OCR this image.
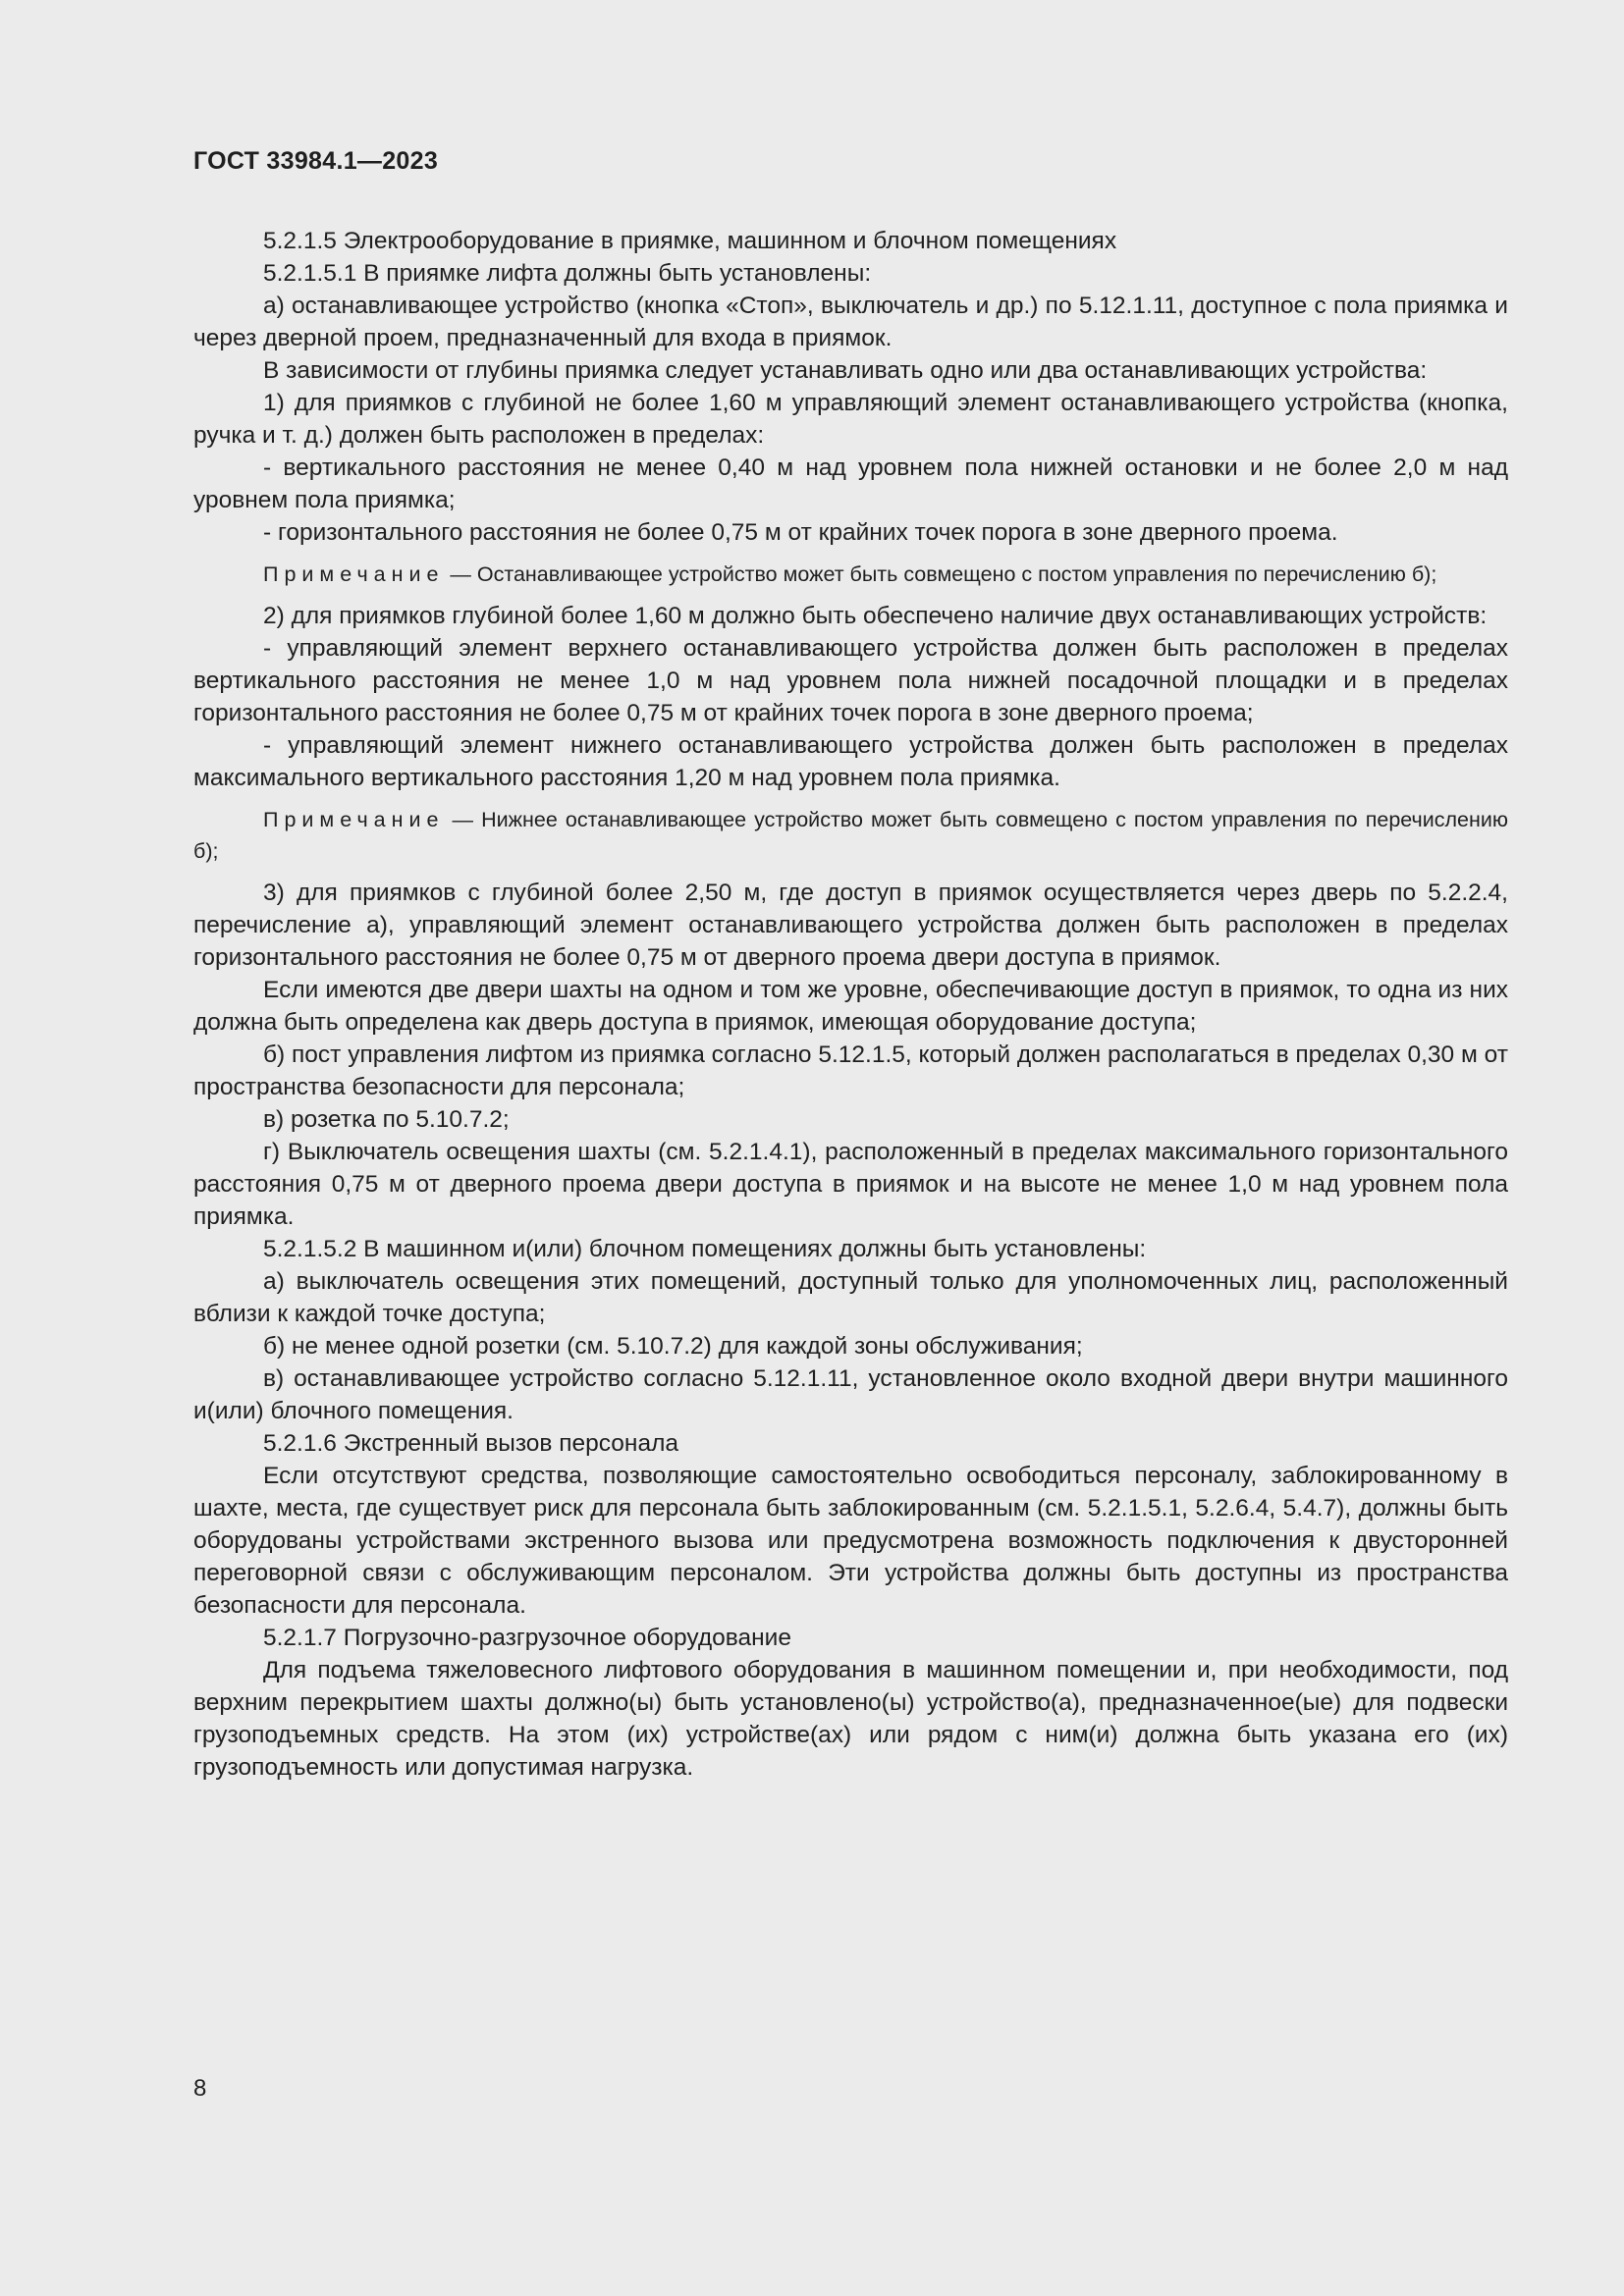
ГОСТ 33984.1—2023

5.2.1.5 Электрооборудование в приямке, машинном и блочном помещениях

5.2.1.5.1 В приямке лифта должны быть установлены:

а) останавливающее устройство (кнопка «Стоп», выключатель и др.) по 5.12.1.11, доступное с пола приямка и через дверной проем, предназначенный для входа в приямок.

В зависимости от глубины приямка следует устанавливать одно или два останавливающих устройства:

1) для приямков с глубиной не более 1,60 м управляющий элемент останавливающего устройства (кнопка, ручка и т. д.) должен быть расположен в пределах:

- вертикального расстояния не менее 0,40 м над уровнем пола нижней остановки и не более 2,0 м над уровнем пола приямка;

- горизонтального расстояния не более 0,75 м от крайних точек порога в зоне дверного проема.

Примечание — Останавливающее устройство может быть совмещено с постом управления по перечислению б);

2) для приямков глубиной более 1,60 м должно быть обеспечено наличие двух останавливающих устройств:

- управляющий элемент верхнего останавливающего устройства должен быть расположен в пределах вертикального расстояния не менее 1,0 м над уровнем пола нижней посадочной площадки и в пределах горизонтального расстояния не более 0,75 м от крайних точек порога в зоне дверного проема;

- управляющий элемент нижнего останавливающего устройства должен быть расположен в пределах максимального вертикального расстояния 1,20 м над уровнем пола приямка.

Примечание — Нижнее останавливающее устройство может быть совмещено с постом управления по перечислению б);

3) для приямков с глубиной более 2,50 м, где доступ в приямок осуществляется через дверь по 5.2.2.4, перечисление а), управляющий элемент останавливающего устройства должен быть расположен в пределах горизонтального расстояния не более 0,75 м от дверного проема двери доступа в приямок.

Если имеются две двери шахты на одном и том же уровне, обеспечивающие доступ в приямок, то одна из них должна быть определена как дверь доступа в приямок, имеющая оборудование доступа;

б) пост управления лифтом из приямка согласно 5.12.1.5, который должен располагаться в пределах 0,30 м от пространства безопасности для персонала;

в) розетка по 5.10.7.2;

г) Выключатель освещения шахты (см. 5.2.1.4.1), расположенный в пределах максимального горизонтального расстояния 0,75 м от дверного проема двери доступа в приямок и на высоте не менее 1,0 м над уровнем пола приямка.

5.2.1.5.2 В машинном и(или) блочном помещениях должны быть установлены:

а) выключатель освещения этих помещений, доступный только для уполномоченных лиц, расположенный вблизи к каждой точке доступа;

б) не менее одной розетки (см. 5.10.7.2) для каждой зоны обслуживания;

в) останавливающее устройство согласно 5.12.1.11, установленное около входной двери внутри машинного и(или) блочного помещения.

5.2.1.6 Экстренный вызов персонала

Если отсутствуют средства, позволяющие самостоятельно освободиться персоналу, заблокированному в шахте, места, где существует риск для персонала быть заблокированным (см. 5.2.1.5.1, 5.2.6.4, 5.4.7), должны быть оборудованы устройствами экстренного вызова или предусмотрена возможность подключения к двусторонней переговорной связи с обслуживающим персоналом. Эти устройства должны быть доступны из пространства безопасности для персонала.

5.2.1.7 Погрузочно-разгрузочное оборудование

Для подъема тяжеловесного лифтового оборудования в машинном помещении и, при необходимости, под верхним перекрытием шахты должно(ы) быть установлено(ы) устройство(а), предназначенное(ые) для подвески грузоподъемных средств. На этом (их) устройстве(ах) или рядом с ним(и) должна быть указана его (их) грузоподъемность или допустимая нагрузка.

8
